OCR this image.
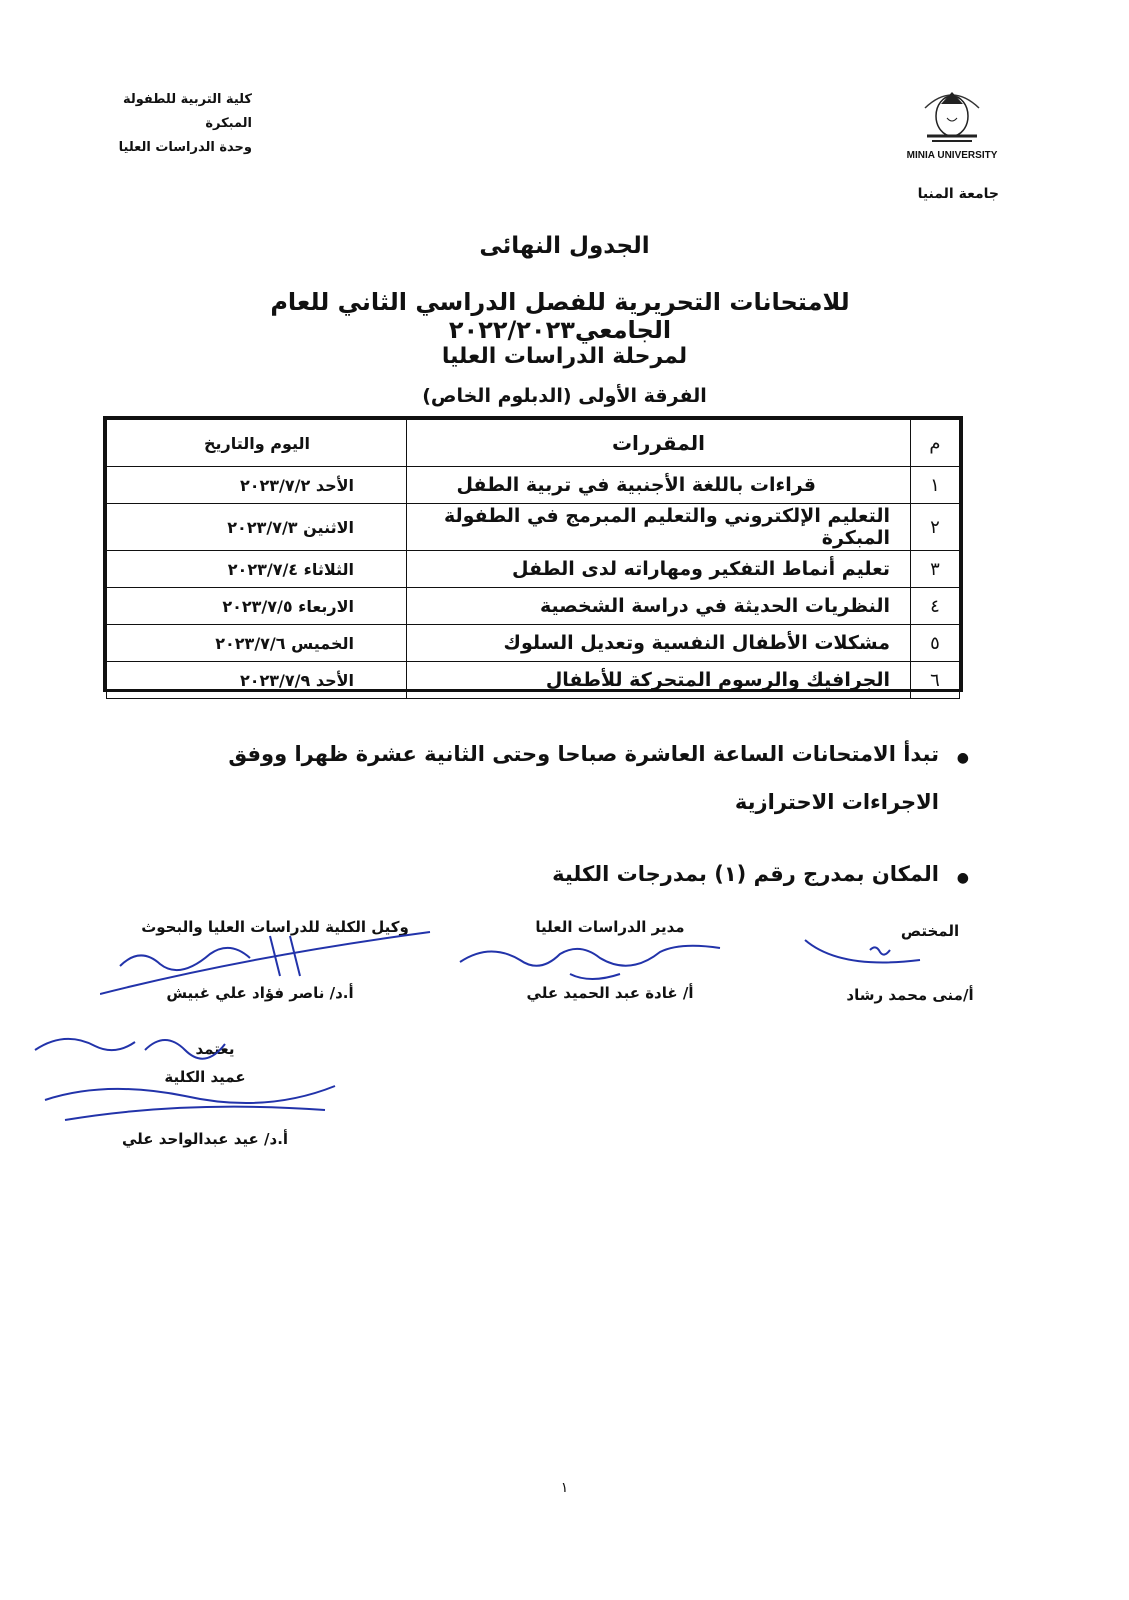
كلية التربية للطفولة المبكرة
وحدة الدراسات العليا
MINIA UNIVERSITY
جامعة المنيا
الجدول النهائى
للامتحانات التحريرية للفصل الدراسي الثاني للعام الجامعي٢٠٢٢/٢٠٢٣
لمرحلة الدراسات العليا
الفرقة الأولى (الدبلوم الخاص)
م	المقررات	اليوم والتاريخ
١	قراءات باللغة الأجنبية في تربية الطفل	الأحد ٢٠٢٣/٧/٢
٢	التعليم الإلكتروني والتعليم المبرمج في الطفولة المبكرة	الاثنين ٢٠٢٣/٧/٣
٣	تعليم أنماط التفكير ومهاراته لدى الطفل	الثلاثاء ٢٠٢٣/٧/٤
٤	النظريات الحديثة في دراسة الشخصية	الاربعاء ٢٠٢٣/٧/٥
٥	مشكلات الأطفال النفسية وتعديل السلوك	الخميس ٢٠٢٣/٧/٦
٦	الجرافيك والرسوم المتحركة للأطفال	الأحد ٢٠٢٣/٧/٩
●
تبدأ الامتحانات الساعة العاشرة صباحا وحتى الثانية عشرة ظهرا ووفق
الاجراءات الاحترازية
●
المكان بمدرج رقم (١) بمدرجات الكلية
المختص
أ/منى محمد رشاد
مدير الدراسات العليا
أ/ غادة عبد الحميد علي
وكيل الكلية للدراسات العليا والبحوث
أ.د/ ناصر فؤاد علي غبيش
يعتمد
عميد الكلية
أ.د/ عيد عبدالواحد علي
١
